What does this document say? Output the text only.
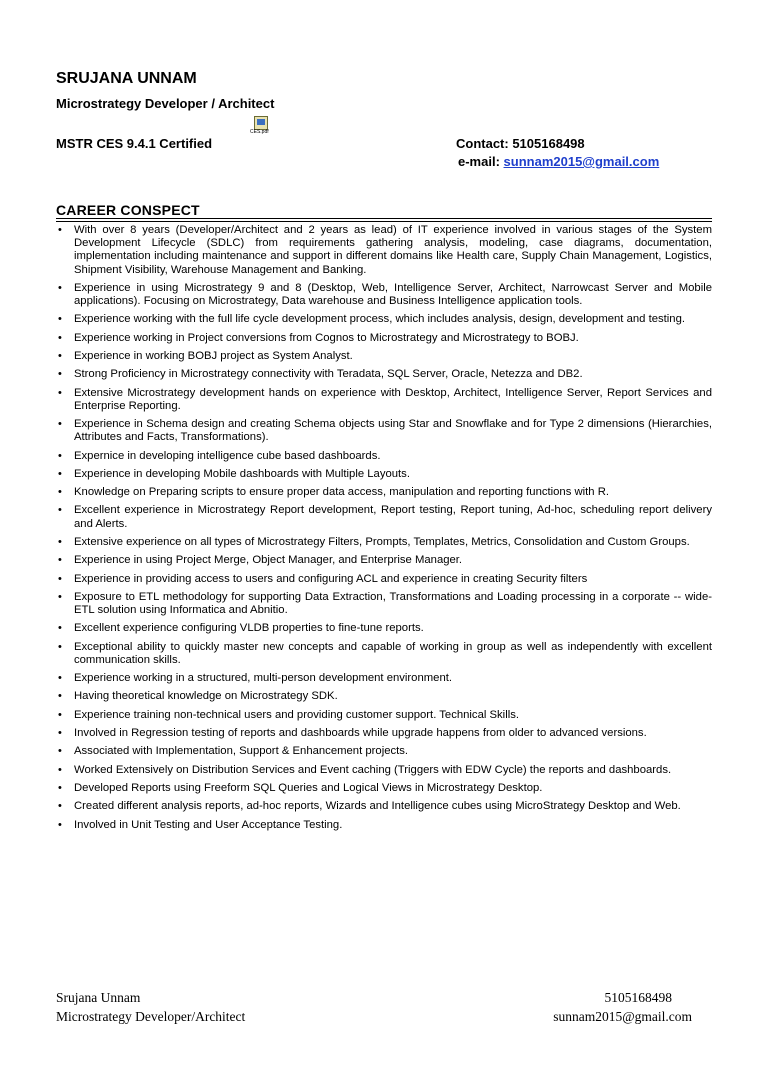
SRUJANA UNNAM
Microstrategy Developer / Architect
CES.pdf
MSTR CES 9.4.1 Certified	Contact: 5105168498
e-mail: sunnam2015@gmail.com
CAREER CONSPECT
• With over 8 years (Developer/Architect and 2 years as lead) of IT experience involved in various stages of the System Development Lifecycle (SDLC) from requirements gathering analysis, modeling, case diagrams, documentation, implementation including maintenance and support in different domains like Health care, Supply Chain Management, Logistics, Shipment Visibility, Warehouse Management and Banking.
• Experience in using Microstrategy 9 and 8 (Desktop, Web, Intelligence Server, Architect, Narrowcast Server and Mobile applications). Focusing on Microstrategy, Data warehouse and Business Intelligence application tools.
• Experience working with the full life cycle development process, which includes analysis, design, development and testing.
• Experience working in Project conversions from Cognos to Microstrategy and Microstrategy to BOBJ.
• Experience in working BOBJ project as System Analyst.
• Strong Proficiency in Microstrategy connectivity with Teradata, SQL Server, Oracle, Netezza and DB2.
• Extensive Microstrategy development hands on experience with Desktop, Architect, Intelligence Server, Report Services and Enterprise Reporting.
• Experience in Schema design and creating Schema objects using Star and Snowflake and for Type 2 dimensions (Hierarchies, Attributes and Facts, Transformations).
• Expernice in developing intelligence cube based dashboards.
• Experience in developing Mobile dashboards with Multiple Layouts.
• Knowledge on Preparing scripts to ensure proper data access, manipulation and reporting functions with R.
• Excellent experience in Microstrategy Report development, Report testing, Report tuning, Ad-hoc, scheduling report delivery and Alerts.
• Extensive experience on all types of Microstrategy Filters, Prompts, Templates, Metrics, Consolidation and Custom Groups.
• Experience in using Project Merge, Object Manager, and Enterprise Manager.
• Experience in providing access to users and configuring ACL and experience in creating Security filters
• Exposure to ETL methodology for supporting Data Extraction, Transformations and Loading processing in a corporate -- wide-ETL solution using Informatica and Abnitio.
• Excellent experience configuring VLDB properties to fine-tune reports.
• Exceptional ability to quickly master new concepts and capable of working in group as well as independently with excellent communication skills.
• Experience working in a structured, multi-person development environment.
• Having theoretical knowledge on Microstrategy SDK.
• Experience training non-technical users and providing customer support. Technical Skills.
• Involved in Regression testing of reports and dashboards while upgrade happens from older to advanced versions.
• Associated with Implementation, Support & Enhancement projects.
• Worked Extensively on Distribution Services and Event caching (Triggers with EDW Cycle) the reports and dashboards.
• Developed Reports using Freeform SQL Queries and Logical Views in Microstrategy Desktop.
• Created different analysis reports, ad-hoc reports, Wizards and Intelligence cubes using MicroStrategy Desktop and Web.
• Involved in Unit Testing and User Acceptance Testing.
Srujana Unnam
Microstrategy Developer/Architect
5105168498
sunnam2015@gmail.com
